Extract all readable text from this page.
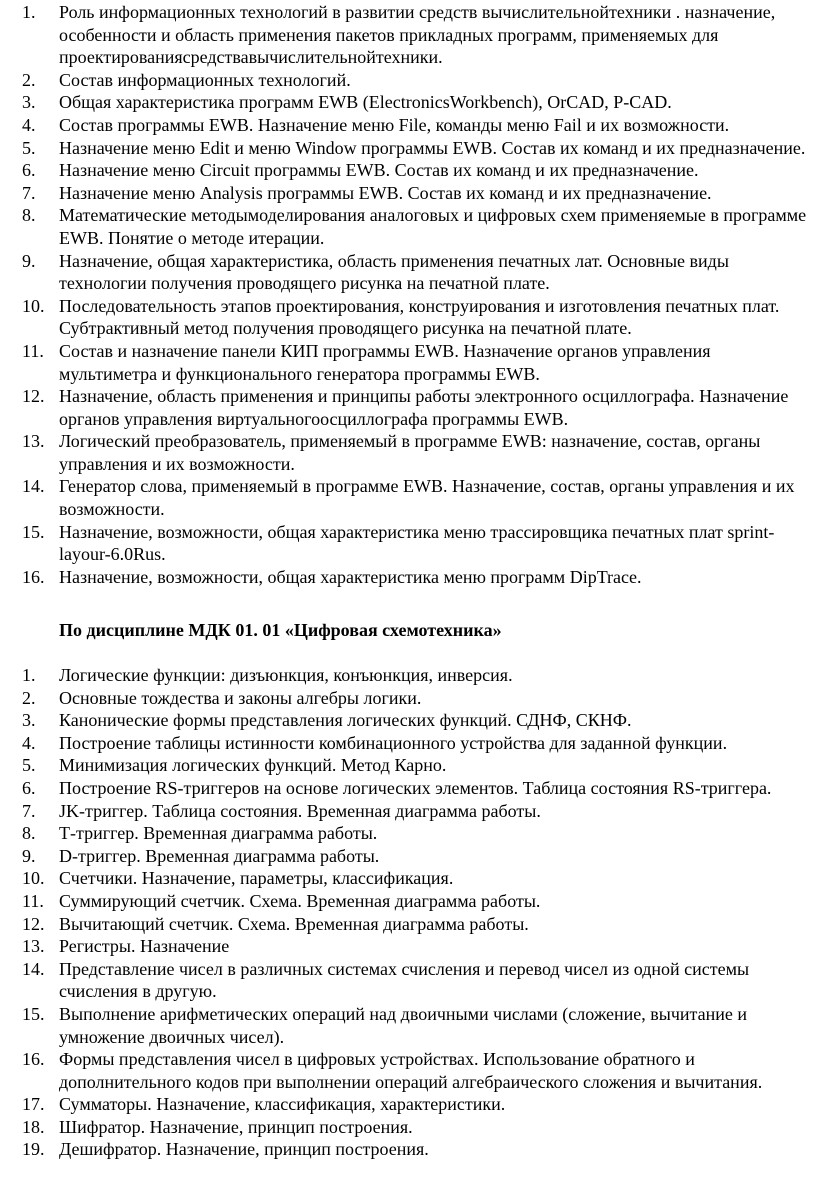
1. Роль информационных технологий в развитии средств вычислительнойтехники . назначение, особенности и область применения пакетов прикладных программ, применяемых для проектированиясредствавычислительнойтехники.
2. Состав информационных технологий.
3. Общая характеристика программ EWB (ElectronicsWorkbench), OrCAD, P-CAD.
4. Состав программы EWB. Назначение меню File, команды меню Fail и их возможности.
5. Назначение меню Edit и меню Window программы EWB. Состав их команд и их предназначение.
6. Назначение меню Circuit программы EWB. Состав их команд и их предназначение.
7. Назначение меню Analysis программы EWB. Состав их команд и их предназначение.
8. Математические методымоделирования аналоговых и цифровых схем применяемые в программе EWB. Понятие о методе итерации.
9. Назначение, общая характеристика, область применения печатных лат. Основные виды технологии получения проводящего рисунка на печатной плате.
10. Последовательность этапов проектирования, конструирования и изготовления печатных плат. Субтрактивный метод получения проводящего рисунка на печатной плате.
11. Состав и назначение панели КИП программы EWB. Назначение органов управления мультиметра и функционального генератора программы EWB.
12. Назначение, область применения и принципы работы электронного осциллографа. Назначение органов управления виртуальногоосциллографа программы EWB.
13. Логический преобразователь, применяемый в программе EWB: назначение, состав, органы управления и их возможности.
14. Генератор слова, применяемый в программе EWB. Назначение, состав, органы управления и их возможности.
15. Назначение, возможности, общая характеристика меню трассировщика печатных плат sprint-layour-6.0Rus.
16. Назначение, возможности, общая характеристика меню программ DipTrace.
По дисциплине МДК 01. 01 «Цифровая схемотехника»
1. Логические функции: дизъюнкция, конъюнкция, инверсия.
2. Основные тождества и законы алгебры логики.
3. Канонические формы представления логических функций. СДНФ, СКНФ.
4. Построение таблицы истинности комбинационного устройства для заданной функции.
5. Минимизация логических функций. Метод Карно.
6. Построение RS-триггеров на основе логических элементов. Таблица состояния RS-триггера.
7. JK-триггер. Таблица состояния. Временная диаграмма работы.
8. Т-триггер. Временная диаграмма работы.
9. D-триггер. Временная диаграмма работы.
10. Счетчики. Назначение, параметры, классификация.
11. Суммирующий счетчик. Схема. Временная диаграмма работы.
12. Вычитающий счетчик. Схема. Временная диаграмма работы.
13. Регистры. Назначение
14. Представление чисел в различных системах счисления и перевод чисел из одной системы счисления в другую.
15. Выполнение арифметических операций над двоичными числами (сложение, вычитание и умножение двоичных чисел).
16. Формы представления чисел в цифровых устройствах. Использование обратного и дополнительного кодов при выполнении операций алгебраического сложения и вычитания.
17. Сумматоры. Назначение, классификация, характеристики.
18. Шифратор. Назначение, принцип построения.
19. Дешифратор. Назначение, принцип построения.
